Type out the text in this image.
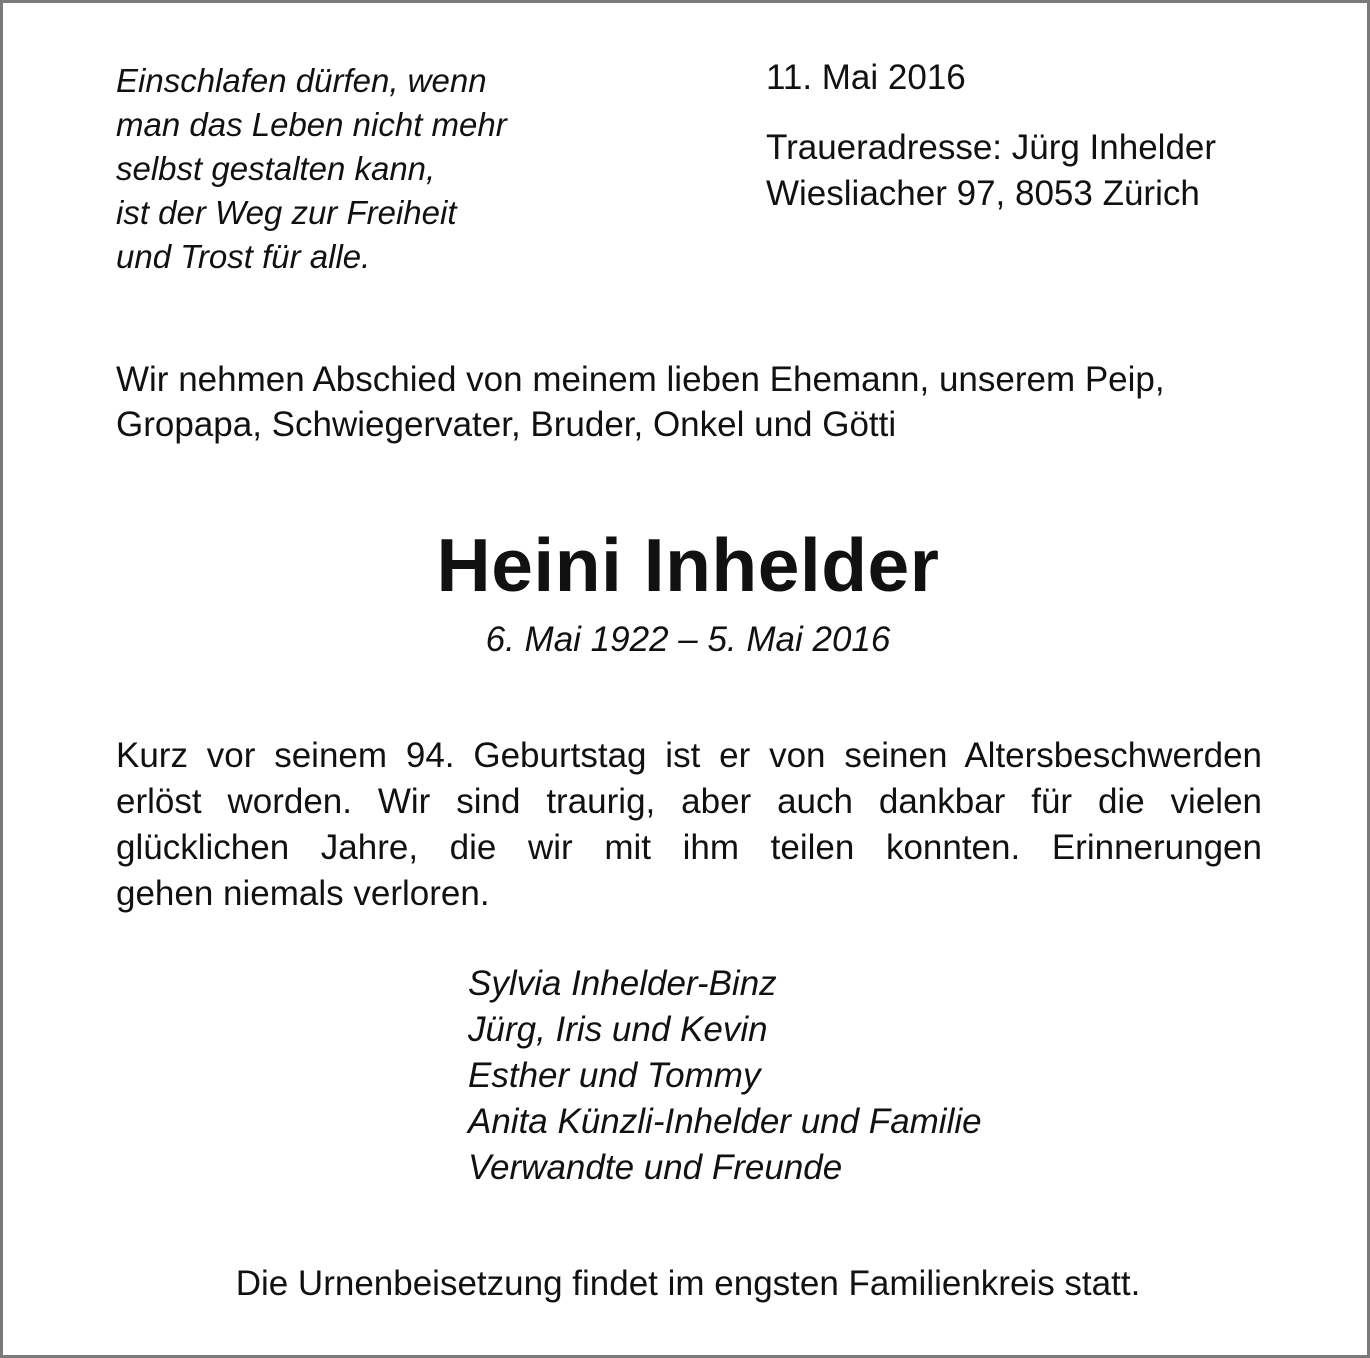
Einschlafen dürfen, wenn
man das Leben nicht mehr
selbst gestalten kann,
ist der Weg zur Freiheit
und Trost für alle.
11. Mai 2016
Traueradresse: Jürg Inhelder
Wiesliacher 97, 8053 Zürich
Wir nehmen Abschied von meinem lieben Ehemann, unserem Peip,
Gropapa, Schwiegervater, Bruder, Onkel und Götti
Heini Inhelder
6. Mai 1922 – 5. Mai 2016
Kurz vor seinem 94. Geburtstag ist er von seinen Altersbeschwerden
erlöst worden. Wir sind traurig, aber auch dankbar für die vielen
glücklichen Jahre, die wir mit ihm teilen konnten. Erinnerungen
gehen niemals verloren.
Sylvia Inhelder-Binz
Jürg, Iris und Kevin
Esther und Tommy
Anita Künzli-Inhelder und Familie
Verwandte und Freunde
Die Urnenbeisetzung findet im engsten Familienkreis statt.
